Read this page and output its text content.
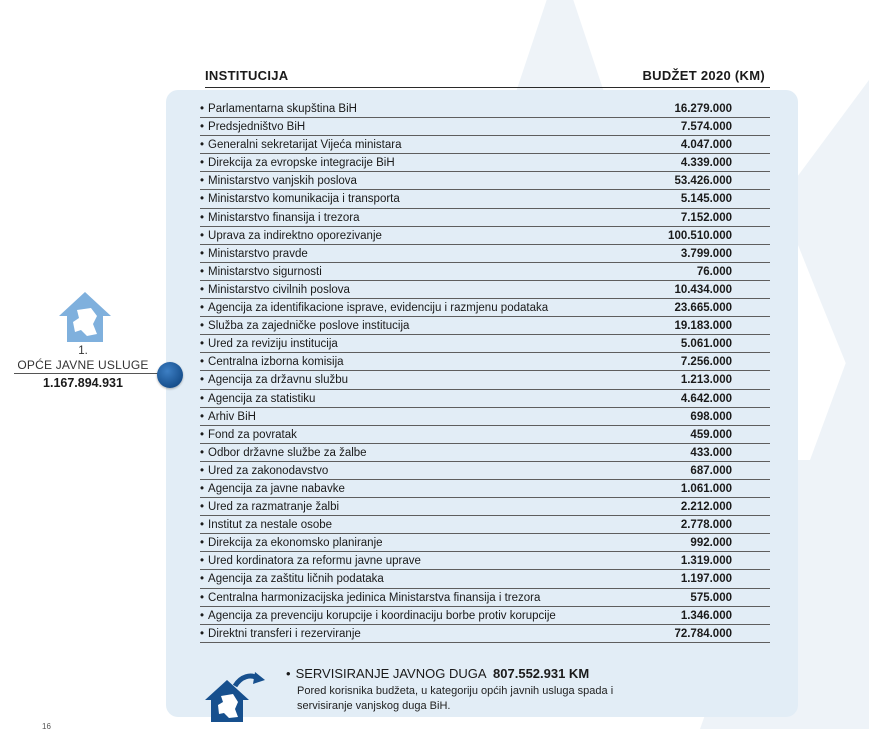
INSTITUCIJA	BUDŽET 2020 (KM)
• Parlamentarna skupština BiH	16.279.000
• Predsjedništvo BiH	7.574.000
• Generalni sekretarijat Vijeća ministara	4.047.000
• Direkcija za evropske integracije BiH	4.339.000
• Ministarstvo vanjskih poslova	53.426.000
• Ministarstvo komunikacija i transporta	5.145.000
• Ministarstvo finansija i trezora	7.152.000
• Uprava za indirektno oporezivanje	100.510.000
• Ministarstvo pravde	3.799.000
• Ministarstvo sigurnosti	76.000
• Ministarstvo civilnih poslova	10.434.000
• Agencija za identifikacione isprave, evidenciju i razmjenu podataka	23.665.000
• Služba za zajedničke poslove institucija	19.183.000
• Ured za reviziju institucija	5.061.000
• Centralna izborna komisija	7.256.000
• Agencija za državnu službu	1.213.000
• Agencija za statistiku	4.642.000
• Arhiv BiH	698.000
• Fond za povratak	459.000
• Odbor državne službe za žalbe	433.000
• Ured za zakonodavstvo	687.000
• Agencija za javne nabavke	1.061.000
• Ured za razmatranje žalbi	2.212.000
• Institut za nestale osobe	2.778.000
• Direkcija za ekonomsko planiranje	992.000
• Ured kordinatora za reformu javne uprave	1.319.000
• Agencija za zaštitu ličnih podataka	1.197.000
• Centralna harmonizacijska jedinica Ministarstva finansija i trezora	575.000
• Agencija za prevenciju korupcije i koordinaciju borbe protiv korupcije	1.346.000
• Direktni transferi i rezerviranje	72.784.000
1.
OPĆE JAVNE USLUGE
1.167.894.931
• SERVISIRANJE JAVNOG DUGA 807.552.931 KM
Pored korisnika budžeta, u kategoriju općih javnih usluga spada i servisiranje vanjskog duga BiH.
16
